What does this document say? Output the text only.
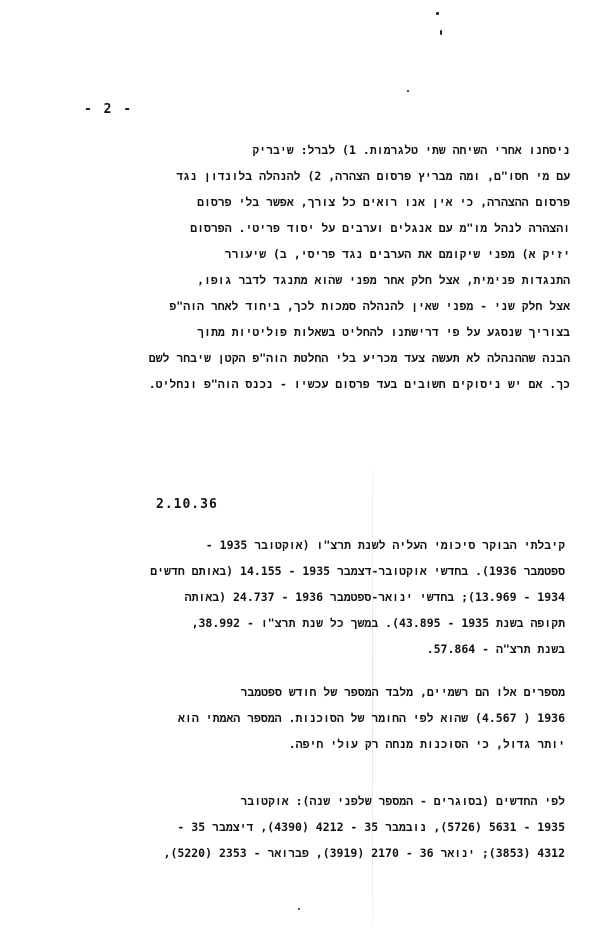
- 2 -
ניסחנו אחרי השיחה שתי טלגרמות. 1) לברל: שיבריק
עם מי חסו"ם, ומה מבריץ פרסום הצהרה, 2) להנהלה בלונדון נגד
פרסום ההצהרה, כי אין אנו רואים כל צורך, אפשר בלי פרסום
והצהרה לנהל מו"מ עם אנגלים וערבים על יסוד פריטי. הפרסום
יזיק א) מפני שיקומם את הערבים נגד פריסי, ב) שיעורר
התנגדות פנימית, אצל חלק אחר מפני שהוא מתנגד לדבר גופו,
אצל חלק שני - מפני שאין להנהלה סמכות לכך, ביחוד לאחר הוה"פ
בצוריך שנסגע על פי דרישתנו להחליט בשאלות פוליטיות מתוך
הבנה שההנהלה לא תעשה צעד מכריע בלי החלטת הוה"פ הקטן שיבחר לשם
כך. אם יש ניסוקים חשובים בעד פרסום עכשיו - נכנס הוה"פ ונחליט.
2.10.36
קיבלתי הבוקר סיכומי העליה לשנת תרצ"ו (אוקטובר 1935 -
ספטמבר 1936). בחדשי אוקטובר-דצמבר 1935 - 14.155 (באותם חדשים
1934 - 13.969); בחדשי ינואר-ספטמבר 1936 - 24.737 (באותה
תקופה בשנת 1935 - 43.895). במשך כל שנת תרצ"ו - 38.992,
בשנת תרצ"ה - 57.864.
מספרים אלו הם רשמיים, מלבד המספר של חודש ספטמבר
1936 ( 4.567) שהוא לפי החומר של הסוכנות. המספר האמתי הוא
יותר גדול, כי הסוכנות מנחה רק עולי חיפה.
לפי החדשים (בסוגרים - המספר שלפני שנה): אוקטובר
1935 - 5631 (5726), נובמבר 35 - 4212 (4390), דיצמבר 35 -
4312 (3853); ינואר 36 - 2170 (3919), פברואר - 2353 (5220),
